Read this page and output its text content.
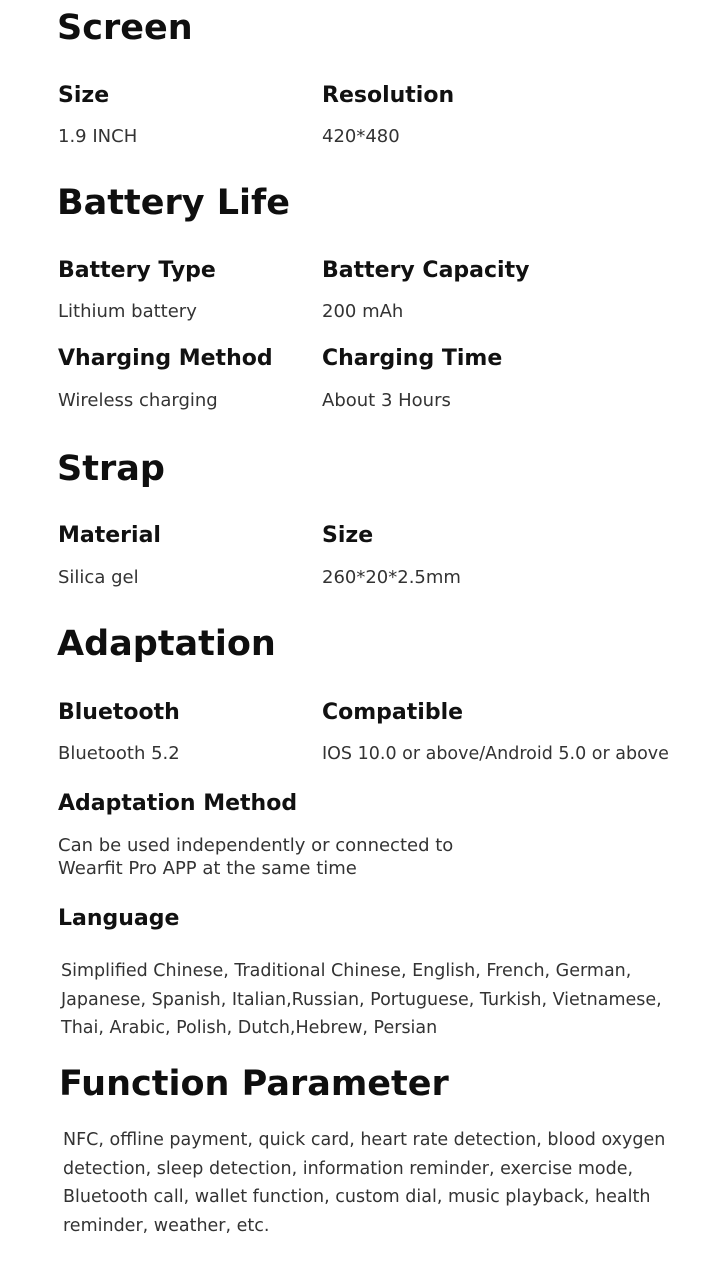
Screen
Size
1.9 INCH
Resolution
420*480
Battery Life
Battery Type
Lithium battery
Battery Capacity
200 mAh
Vharging Method
Wireless charging
Charging Time
About 3 Hours
Strap
Material
Silica gel
Size
260*20*2.5mm
Adaptation
Bluetooth
Bluetooth 5.2
Compatible
IOS 10.0 or above/Android 5.0 or above
Adaptation Method
Can be used independently or connected to
Wearfit Pro APP at the same time
Language
Simplified Chinese, Traditional Chinese, English, French, German,
Japanese, Spanish, Italian,Russian, Portuguese, Turkish, Vietnamese,
Thai, Arabic, Polish, Dutch,Hebrew, Persian
Function Parameter
NFC, offline payment, quick card, heart rate detection, blood oxygen
detection, sleep detection, information reminder, exercise mode,
Bluetooth call, wallet function, custom dial, music playback, health
reminder, weather, etc.
